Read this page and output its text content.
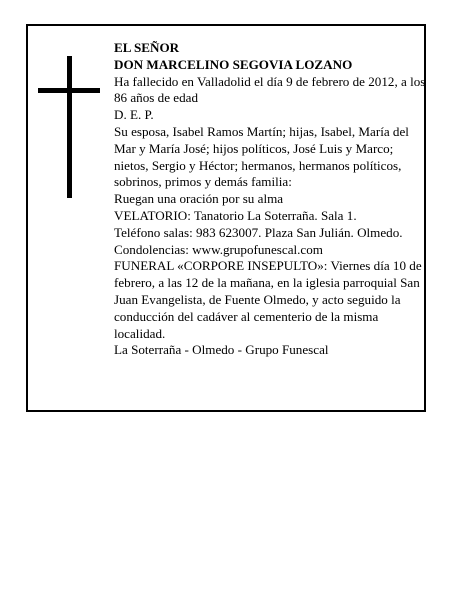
EL SEÑOR

DON MARCELINO SEGOVIA LOZANO

Ha fallecido en Valladolid el día 9 de febrero de 2012, a los 86 años de edad

D. E. P.

Su esposa, Isabel Ramos Martín; hijas, Isabel, María del Mar y María José; hijos políticos, José Luis y Marco; nietos, Sergio y Héctor; hermanos, hermanos políticos, sobrinos, primos y demás familia:

Ruegan una oración por su alma

VELATORIO: Tanatorio La Soterraña. Sala 1.

Teléfono salas: 983 623007. Plaza San Julián. Olmedo.

Condolencias: www.grupofunescal.com

FUNERAL «CORPORE INSEPULTO»: Viernes día 10 de febrero, a las 12 de la mañana, en la iglesia parroquial San Juan Evangelista, de Fuente Olmedo, y acto seguido la conducción del cadáver al cementerio de la misma localidad.

La Soterraña - Olmedo - Grupo Funescal
